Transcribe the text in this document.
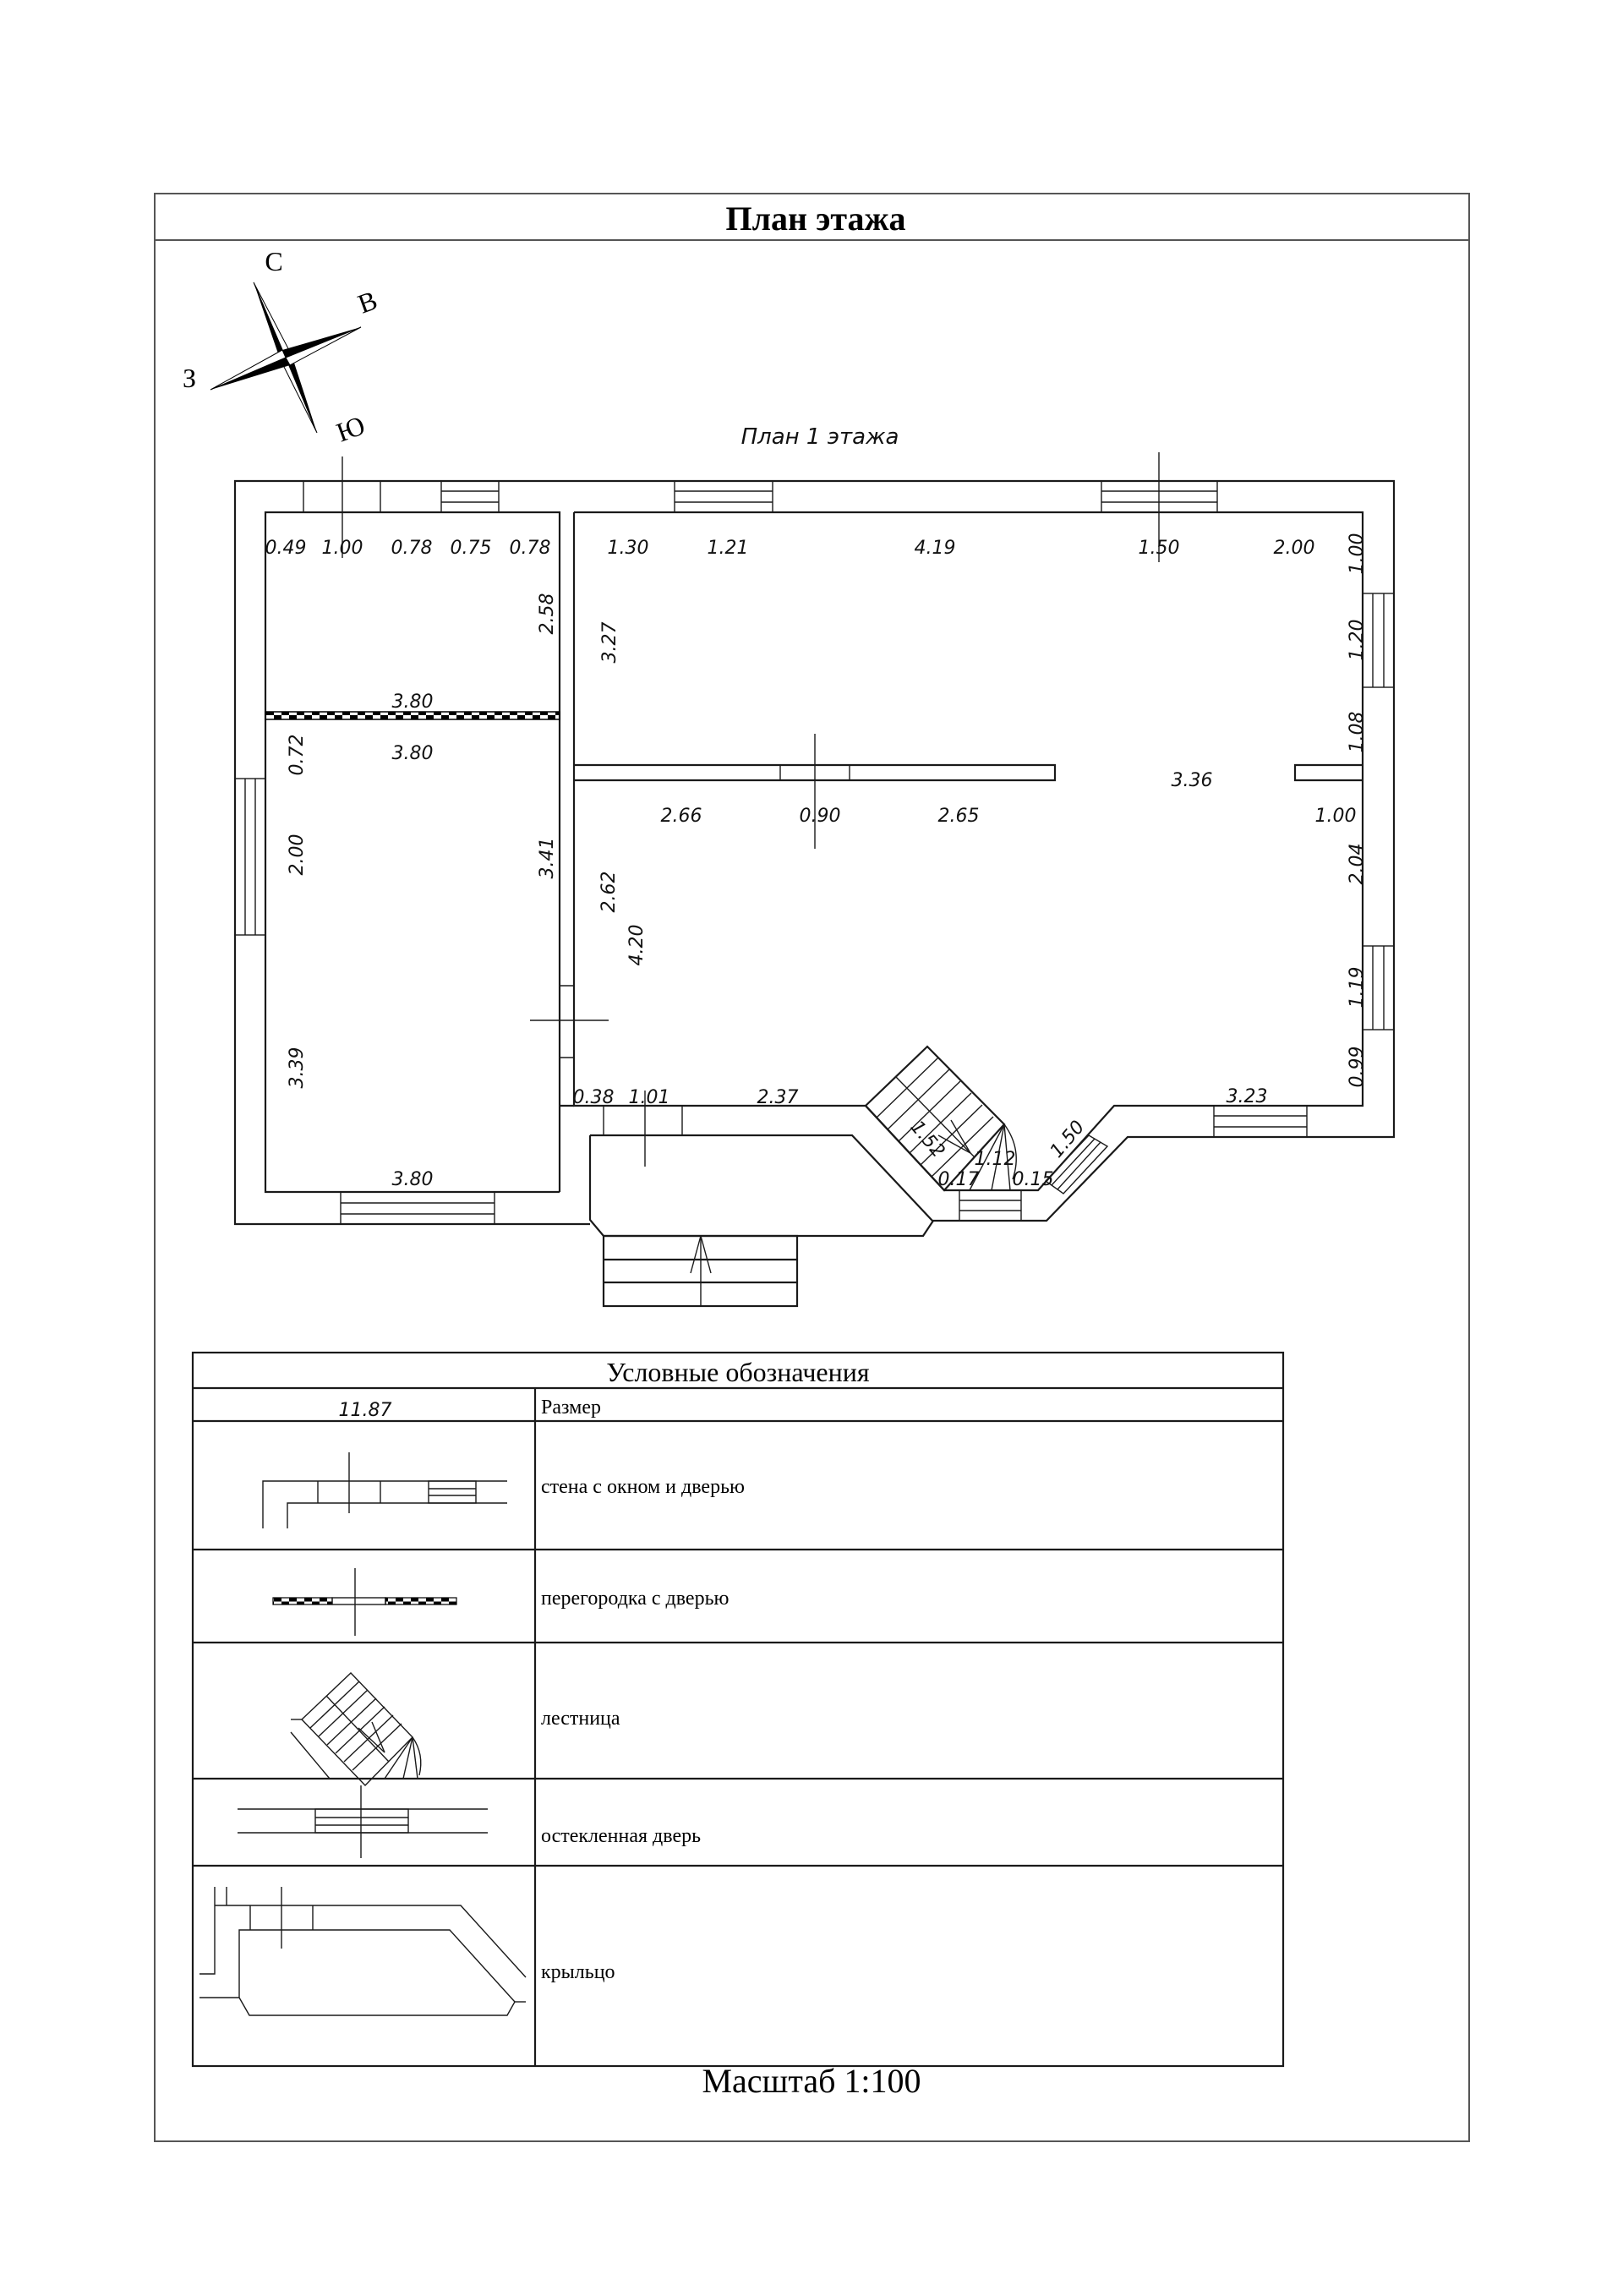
План этажа
С
В
З
Ю	План 1 этажа
0.49 1.00 0.78 0.75 0.78	1.30	1.21	4.19	1.50	2.00 1.00
1.20
1.08
1.00
2.04
1.19
0.99
2.58
3.80
3.80
3.80
0.72
2.00
3.39
3.41
3.27
2.66	0.90	2.65
3.36
2.62
4.20
0.38 1.01	2.37
1.52 1.12
0.17 0.15
1.50
3.23
Условные обозначения
11.87	Размер
стена с окном и дверью
перегородка с дверью
лестница
остекленная дверь
крыльцо
Масштаб 1:100
